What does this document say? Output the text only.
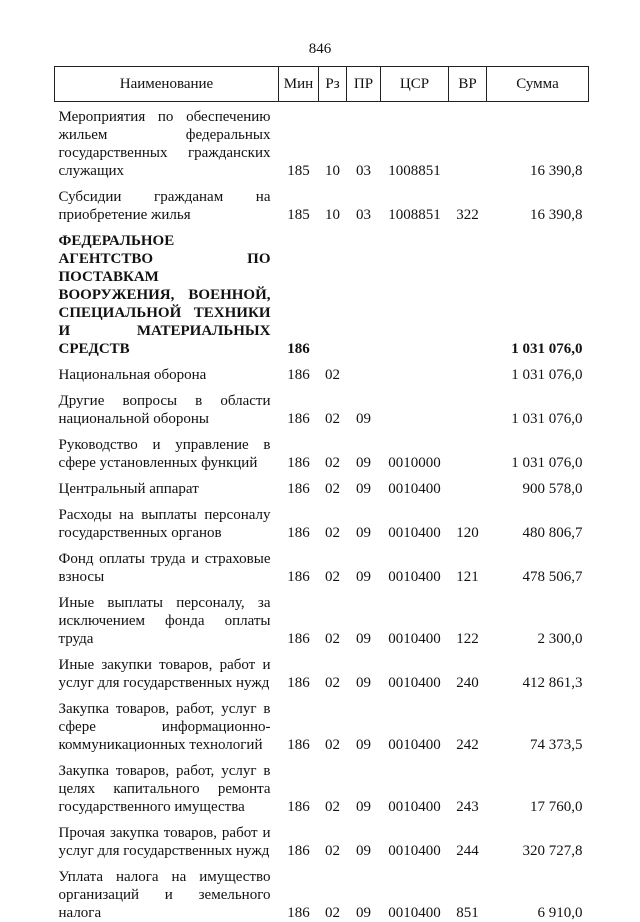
846
Наименование	Мин	Рз	ПР	ЦСР	ВР	Сумма
Мероприятия по обеспечению жильем федеральных государственных гражданских служащих	185	10	03	1008851		16 390,8
Субсидии гражданам на приобретение жилья	185	10	03	1008851	322	16 390,8
ФЕДЕРАЛЬНОЕ АГЕНТСТВО ПО ПОСТАВКАМ ВООРУЖЕНИЯ, ВОЕННОЙ, СПЕЦИАЛЬНОЙ ТЕХНИКИ И МАТЕРИАЛЬНЫХ СРЕДСТВ	186					1 031 076,0
Национальная оборона	186	02				1 031 076,0
Другие вопросы в области национальной обороны	186	02	09			1 031 076,0
Руководство и управление в сфере установленных функций	186	02	09	0010000		1 031 076,0
Центральный аппарат	186	02	09	0010400		900 578,0
Расходы на выплаты персоналу государственных органов	186	02	09	0010400	120	480 806,7
Фонд оплаты труда и страховые взносы	186	02	09	0010400	121	478 506,7
Иные выплаты персоналу, за исключением фонда оплаты труда	186	02	09	0010400	122	2 300,0
Иные закупки товаров, работ и услуг для государственных нужд	186	02	09	0010400	240	412 861,3
Закупка товаров, работ, услуг в сфере информационно-коммуникационных технологий	186	02	09	0010400	242	74 373,5
Закупка товаров, работ, услуг в целях капитального ремонта государственного имущества	186	02	09	0010400	243	17 760,0
Прочая закупка товаров, работ и услуг для государственных нужд	186	02	09	0010400	244	320 727,8
Уплата налога на имущество организаций и земельного налога	186	02	09	0010400	851	6 910,0
